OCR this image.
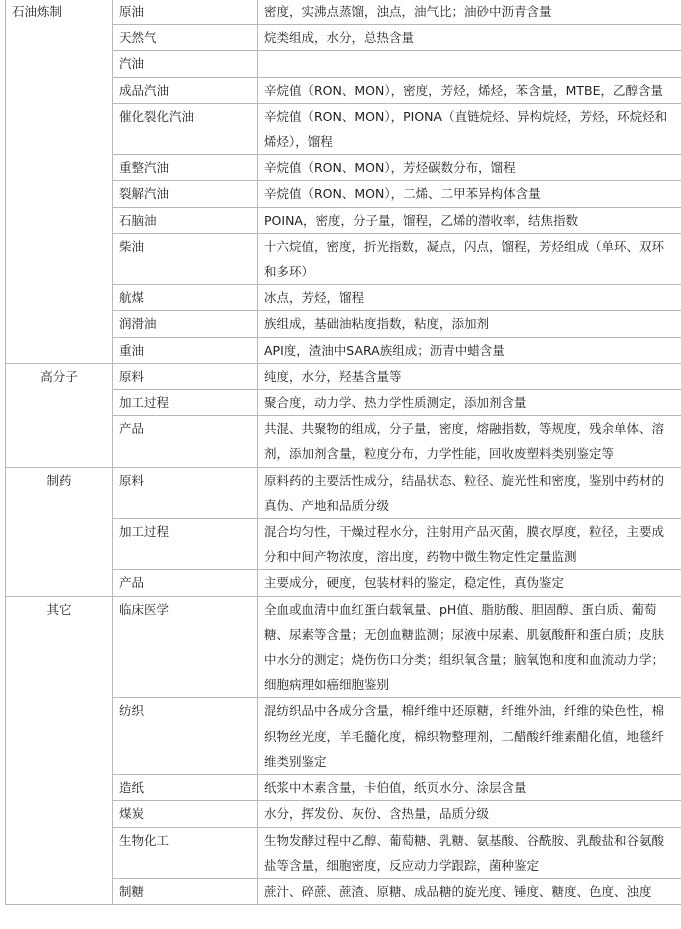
石油炼制	原油	密度，实沸点蒸馏，浊点，油气比；油砂中沥青含量
	天然气	烷类组成，水分，总热含量
	汽油	
	成品汽油	辛烷值（RON、MON），密度，芳烃，烯烃，苯含量，MTBE，乙醇含量
	催化裂化汽油	辛烷值（RON、MON），PIONA（直链烷烃、异构烷烃，芳烃，环烷烃和烯烃），馏程
	重整汽油	辛烷值（RON、MON），芳烃碳数分布，馏程
	裂解汽油	辛烷值（RON、MON），二烯、二甲苯异构体含量
	石脑油	POINA，密度，分子量，馏程，乙烯的潜收率，结焦指数
	柴油	十六烷值，密度，折光指数，凝点，闪点，馏程，芳烃组成（单环、双环和多环）
	航煤	冰点，芳烃，馏程
	润滑油	族组成，基础油粘度指数，粘度，添加剂
	重油	API度，渣油中SARA族组成；沥青中蜡含量
高分子	原料	纯度，水分，羟基含量等
	加工过程	聚合度，动力学、热力学性质测定，添加剂含量
	产品	共混、共聚物的组成，分子量，密度，熔融指数，等规度，残余单体、溶剂，添加剂含量，粒度分布，力学性能，回收废塑料类别鉴定等
制药	原料	原料药的主要活性成分，结晶状态、粒径、旋光性和密度，鉴别中药材的真伪、产地和品质分级
	加工过程	混合均匀性，干燥过程水分，注射用产品灭菌，膜衣厚度，粒径，主要成分和中间产物浓度，溶出度，药物中微生物定性定量监测
	产品	主要成分，硬度，包装材料的鉴定，稳定性，真伪鉴定
其它	临床医学	全血或血清中血红蛋白载氧量、pH值、脂肪酸、胆固醇、蛋白质、葡萄糖、尿素等含量；无创血糖监测；尿液中尿素、肌氨酸酐和蛋白质；皮肤中水分的测定；烧伤伤口分类；组织氧含量；脑氧饱和度和血流动力学；细胞病理如癌细胞鉴别
	纺织	混纺织品中各成分含量，棉纤维中还原糖，纤维外油，纤维的染色性，棉织物丝光度，羊毛髓化度，棉织物整理剂，二醋酸纤维素醋化值，地毯纤维类别鉴定
	造纸	纸浆中木素含量，卡伯值，纸页水分、涂层含量
	煤炭	水分，挥发份、灰份、含热量，品质分级
	生物化工	生物发酵过程中乙醇、葡萄糖、乳糖、氨基酸、谷酰胺、乳酸盐和谷氨酸盐等含量，细胞密度，反应动力学跟踪，菌种鉴定
	制糖	蔗汁、碎蔗、蔗渣、原糖、成品糖的旋光度、锤度、糖度、色度、浊度
